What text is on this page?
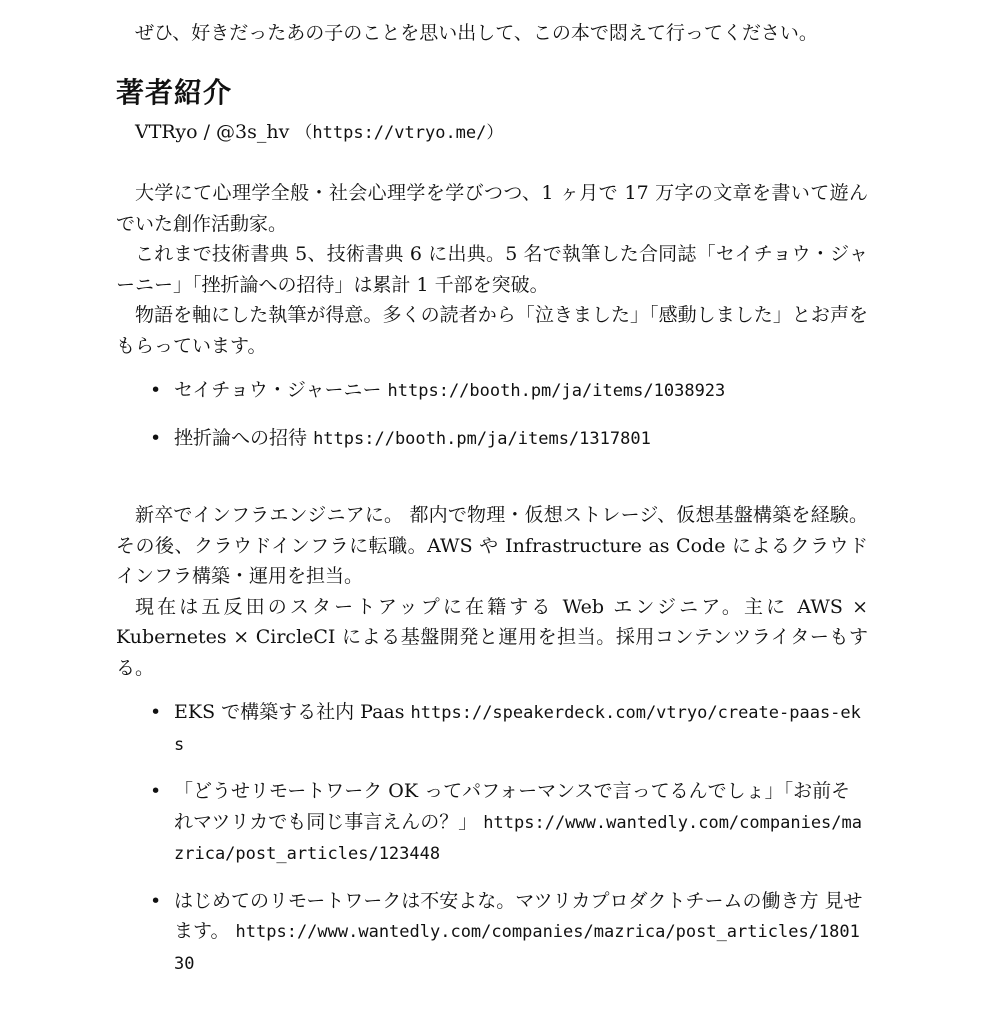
ぜひ、好きだったあの子のことを思い出して、この本で悶えて行ってください。

著者紹介

VTRyo / @3s_hv （https://vtryo.me/）

大学にて心理学全般・社会心理学を学びつつ、1 ヶ月で 17 万字の文章を書いて遊んでいた創作活動家。

これまで技術書典 5、技術書典 6 に出典。5 名で執筆した合同誌「セイチョウ・ジャーニー」「挫折論への招待」は累計 1 千部を突破。

物語を軸にした執筆が得意。多くの読者から「泣きました」「感動しました」とお声をもらっています。

• セイチョウ・ジャーニー https://booth.pm/ja/items/1038923
• 挫折論への招待 https://booth.pm/ja/items/1317801

新卒でインフラエンジニアに。 都内で物理・仮想ストレージ、仮想基盤構築を経験。その後、クラウドインフラに転職。AWS や Infrastructure as Code によるクラウドインフラ構築・運用を担当。

現在は五反田のスタートアップに在籍する Web エンジニア。主に AWS × Kubernetes × CircleCI による基盤開発と運用を担当。採用コンテンツライターもする。

• EKS で構築する社内 Paas https://speakerdeck.com/vtryo/create-paas-eks
• 「どうせリモートワーク OK ってパフォーマンスで言ってるんでしょ」「お前それマツリカでも同じ事言えんの？」 https://www.wantedly.com/companies/mazrica/post_articles/123448
• はじめてのリモートワークは不安よな。マツリカプロダクトチームの働き方 見せます。 https://www.wantedly.com/companies/mazrica/post_articles/180130
